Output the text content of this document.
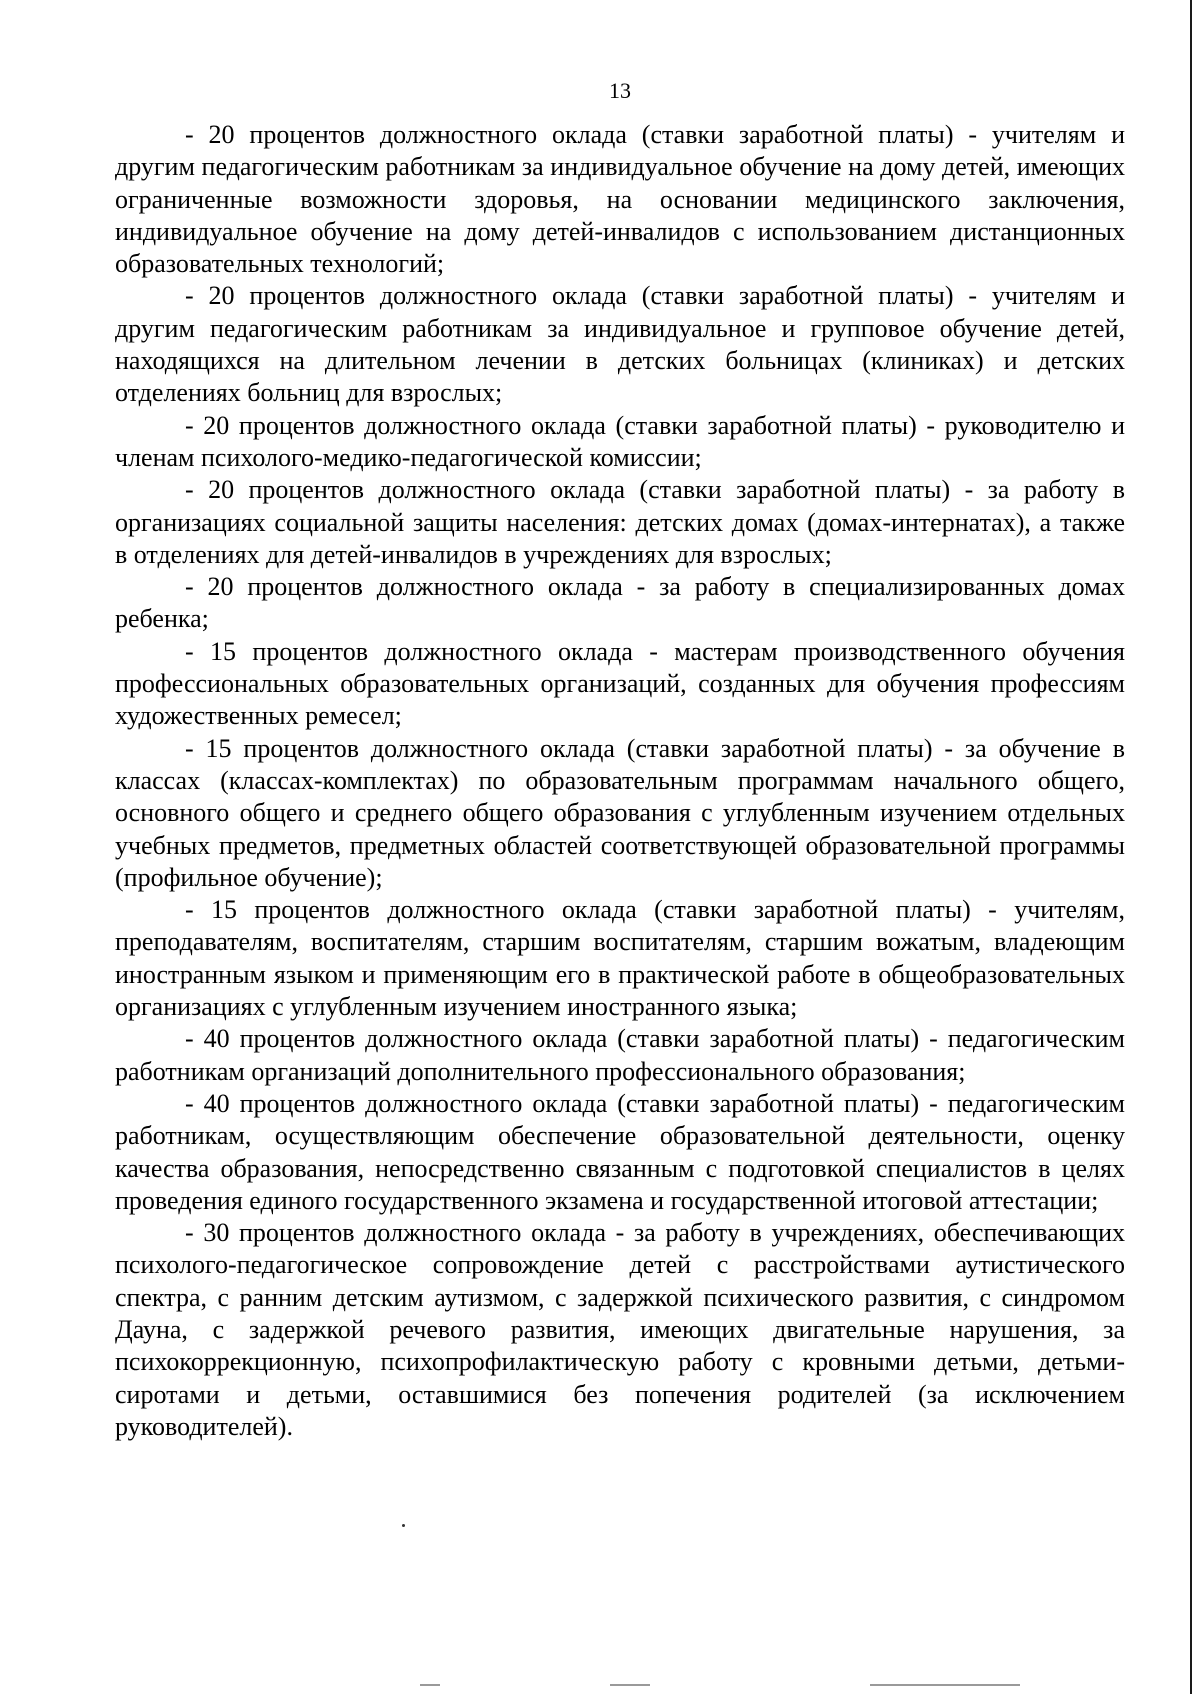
13

- 20 процентов должностного оклада (ставки заработной платы) - учителям и другим педагогическим работникам за индивидуальное обучение на дому детей, имеющих ограниченные возможности здоровья, на основании медицинского заключения, индивидуальное обучение на дому детей-инвалидов с использованием дистанционных образовательных технологий;

- 20 процентов должностного оклада (ставки заработной платы) - учителям и другим педагогическим работникам за индивидуальное и групповое обучение детей, находящихся на длительном лечении в детских больницах (клиниках) и детских отделениях больниц для взрослых;

- 20 процентов должностного оклада (ставки заработной платы) - руководителю и членам психолого-медико-педагогической комиссии;

- 20 процентов должностного оклада (ставки заработной платы) - за работу в организациях социальной защиты населения: детских домах (домах-интернатах), а также в отделениях для детей-инвалидов в учреждениях для взрослых;

- 20 процентов должностного оклада - за работу в специализированных домах ребенка;

- 15 процентов должностного оклада - мастерам производственного обучения профессиональных образовательных организаций, созданных для обучения профессиям художественных ремесел;

- 15 процентов должностного оклада (ставки заработной платы) - за обучение в классах (классах-комплектах) по образовательным программам начального общего, основного общего и среднего общего образования с углубленным изучением отдельных учебных предметов, предметных областей соответствующей образовательной программы (профильное обучение);

- 15 процентов должностного оклада (ставки заработной платы) - учителям, преподавателям, воспитателям, старшим воспитателям, старшим вожатым, владеющим иностранным языком и применяющим его в практической работе в общеобразовательных организациях с углубленным изучением иностранного языка;

- 40 процентов должностного оклада (ставки заработной платы) - педагогическим работникам организаций дополнительного профессионального образования;

- 40 процентов должностного оклада (ставки заработной платы) - педагогическим работникам, осуществляющим обеспечение образовательной деятельности, оценку качества образования, непосредственно связанным с подготовкой специалистов в целях проведения единого государственного экзамена и государственной итоговой аттестации;

- 30 процентов должностного оклада - за работу в учреждениях, обеспечивающих психолого-педагогическое сопровождение детей с расстройствами аутистического спектра, с ранним детским аутизмом, с задержкой психического развития, с синдромом Дауна, с задержкой речевого развития, имеющих двигательные нарушения, за психокоррекционную, психопрофилактическую работу с кровными детьми, детьми-сиротами и детьми, оставшимися без попечения родителей (за исключением руководителей).
